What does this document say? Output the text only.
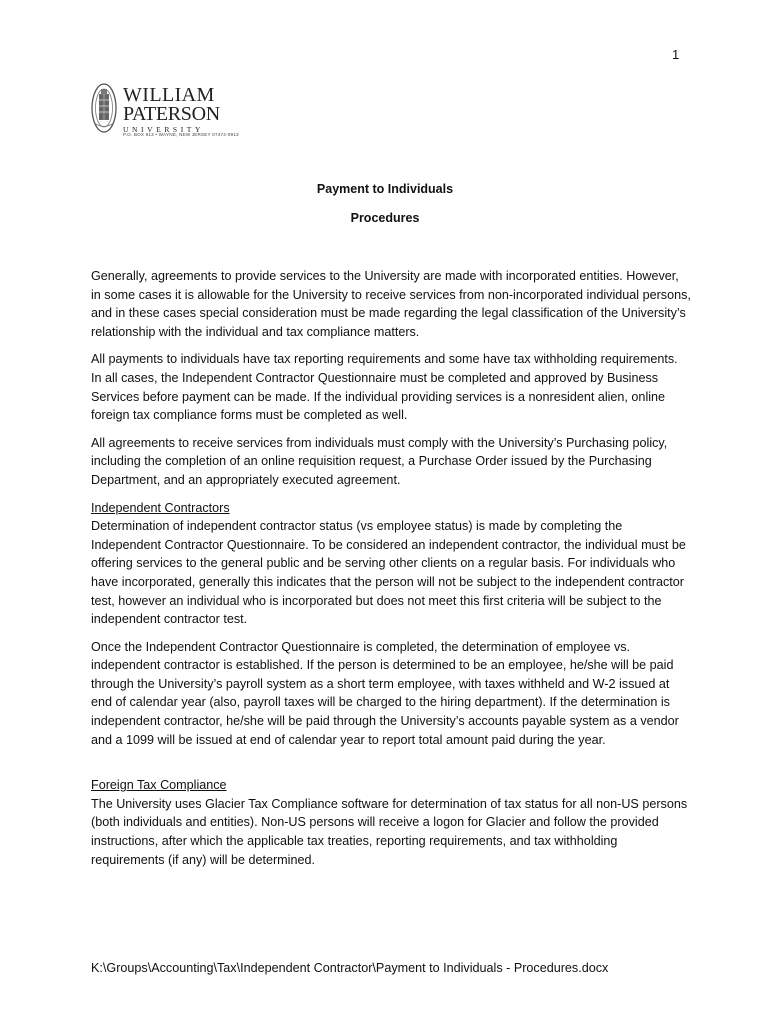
1
WILLIAM
PATERSON
UNIVERSITY
P.O. BOX 913 • WAYNE, NEW JERSEY 07474-0913
Payment to Individuals
Procedures

Generally, agreements to provide services to the University are made with incorporated entities. However, in some cases it is allowable for the University to receive services from non-incorporated individual persons, and in these cases special consideration must be made regarding the legal classification of the University’s relationship with the individual and tax compliance matters.

All payments to individuals have tax reporting requirements and some have tax withholding requirements. In all cases, the Independent Contractor Questionnaire must be completed and approved by Business Services before payment can be made. If the individual providing services is a nonresident alien, online foreign tax compliance forms must be completed as well.

All agreements to receive services from individuals must comply with the University’s Purchasing policy, including the completion of an online requisition request, a Purchase Order issued by the Purchasing Department, and an appropriately executed agreement.

Independent Contractors
Determination of independent contractor status (vs employee status) is made by completing the Independent Contractor Questionnaire. To be considered an independent contractor, the individual must be offering services to the general public and be serving other clients on a regular basis. For individuals who have incorporated, generally this indicates that the person will not be subject to the independent contractor test, however an individual who is incorporated but does not meet this first criteria will be subject to the independent contractor test.

Once the Independent Contractor Questionnaire is completed, the determination of employee vs. independent contractor is established. If the person is determined to be an employee, he/she will be paid through the University’s payroll system as a short term employee, with taxes withheld and W-2 issued at end of calendar year (also, payroll taxes will be charged to the hiring department). If the determination is independent contractor, he/she will be paid through the University’s accounts payable system as a vendor and a 1099 will be issued at end of calendar year to report total amount paid during the year.

Foreign Tax Compliance
The University uses Glacier Tax Compliance software for determination of tax status for all non-US persons (both individuals and entities). Non-US persons will receive a logon for Glacier and follow the provided instructions, after which the applicable tax treaties, reporting requirements, and tax withholding requirements (if any) will be determined.

K:\Groups\Accounting\Tax\Independent Contractor\Payment to Individuals - Procedures.docx
